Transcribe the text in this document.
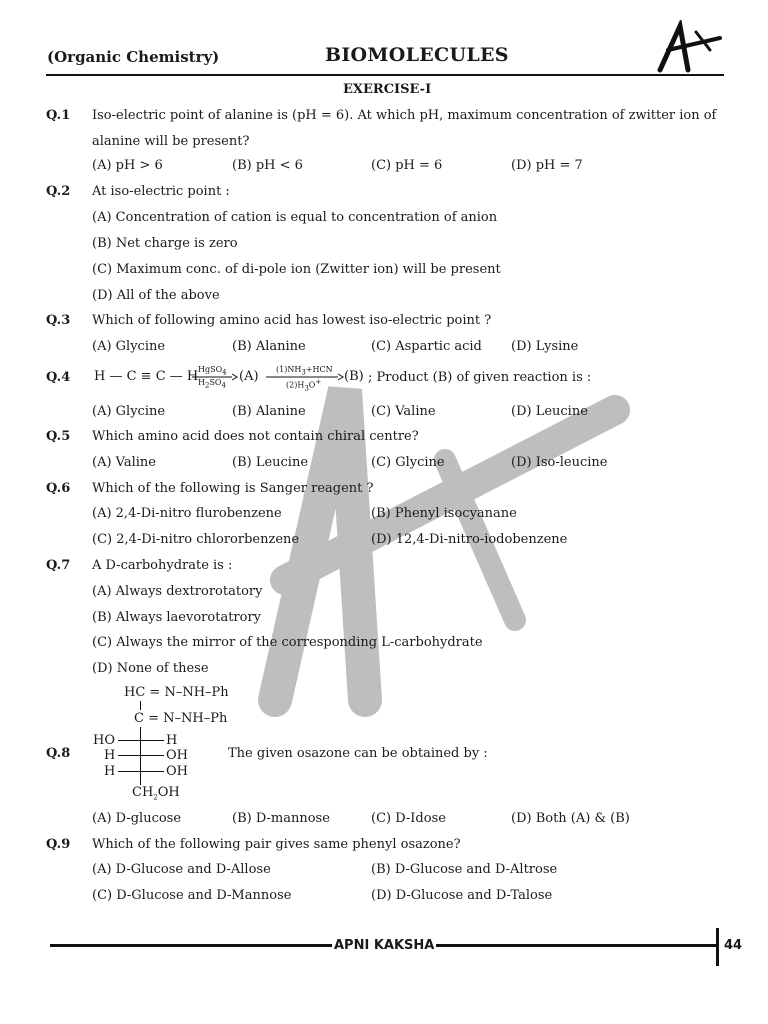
(Organic Chemistry)	BIOMOLECULES
EXERCISE-I
Q.1 Iso-electric point of alanine is (pH = 6). At which pH, maximum concentration of zwitter ion of
alanine will be present?
(A) pH > 6	(B) pH < 6	(C) pH = 6	(D) pH = 7
Q.2 At iso-electric point :
(A) Concentration of cation is equal to concentration of anion
(B) Net charge is zero
(C) Maximum conc. of di-pole ion (Zwitter ion) will be present
(D) All of the above
Q.3 Which of following amino acid has lowest iso-electric point ?
(A) Glycine	(B) Alanine	(C) Aspartic acid (D) Lysine
Q.4 H — C ≡ C — H HgSO$_4$
$H_2SO_4$
(A) $(1)NH_3+HCN$
$(2)H_3O^+$ (B) ; Product (B) of given reaction is :
(A) Glycine	(B) Alanine	(C) Valine	(D) Leucine
Q.5 Which amino acid does not contain chiral centre?
(A) Valine	(B) Leucine	(C) Glycine	(D) Iso-leucine
Q.6 Which of the following is Sanger reagent ?
(A) 2,4-Di-nitro flurobenzene	(B) Phenyl isocyanane
(C) 2,4-Di-nitro chlororbenzene	(D) 12,4-Di-nitro-iodobenzene
Q.7 A D-carbohydrate is :
(A) Always dextrorotatory
(B) Always laevorotatrory
(C) Always the mirror of the corresponding L-carbohydrate
(D) None of these
HC = N–NH–Ph
C = N–NH–Ph
HO	H
H	OH
H	OH
$CH_2OH$
Q.8	The given osazone can be obtained by :
(A) D-glucose	(B) D-mannose	(C) D-Idose	(D) Both (A) & (B)
Q.9 Which of the following pair gives same phenyl osazone?
(A) D-Glucose and D-Allose	(B) D-Glucose and D-Altrose
(C) D-Glucose and D-Mannose	(D) D-Glucose and D-Talose
APNI KAKSHA	44
